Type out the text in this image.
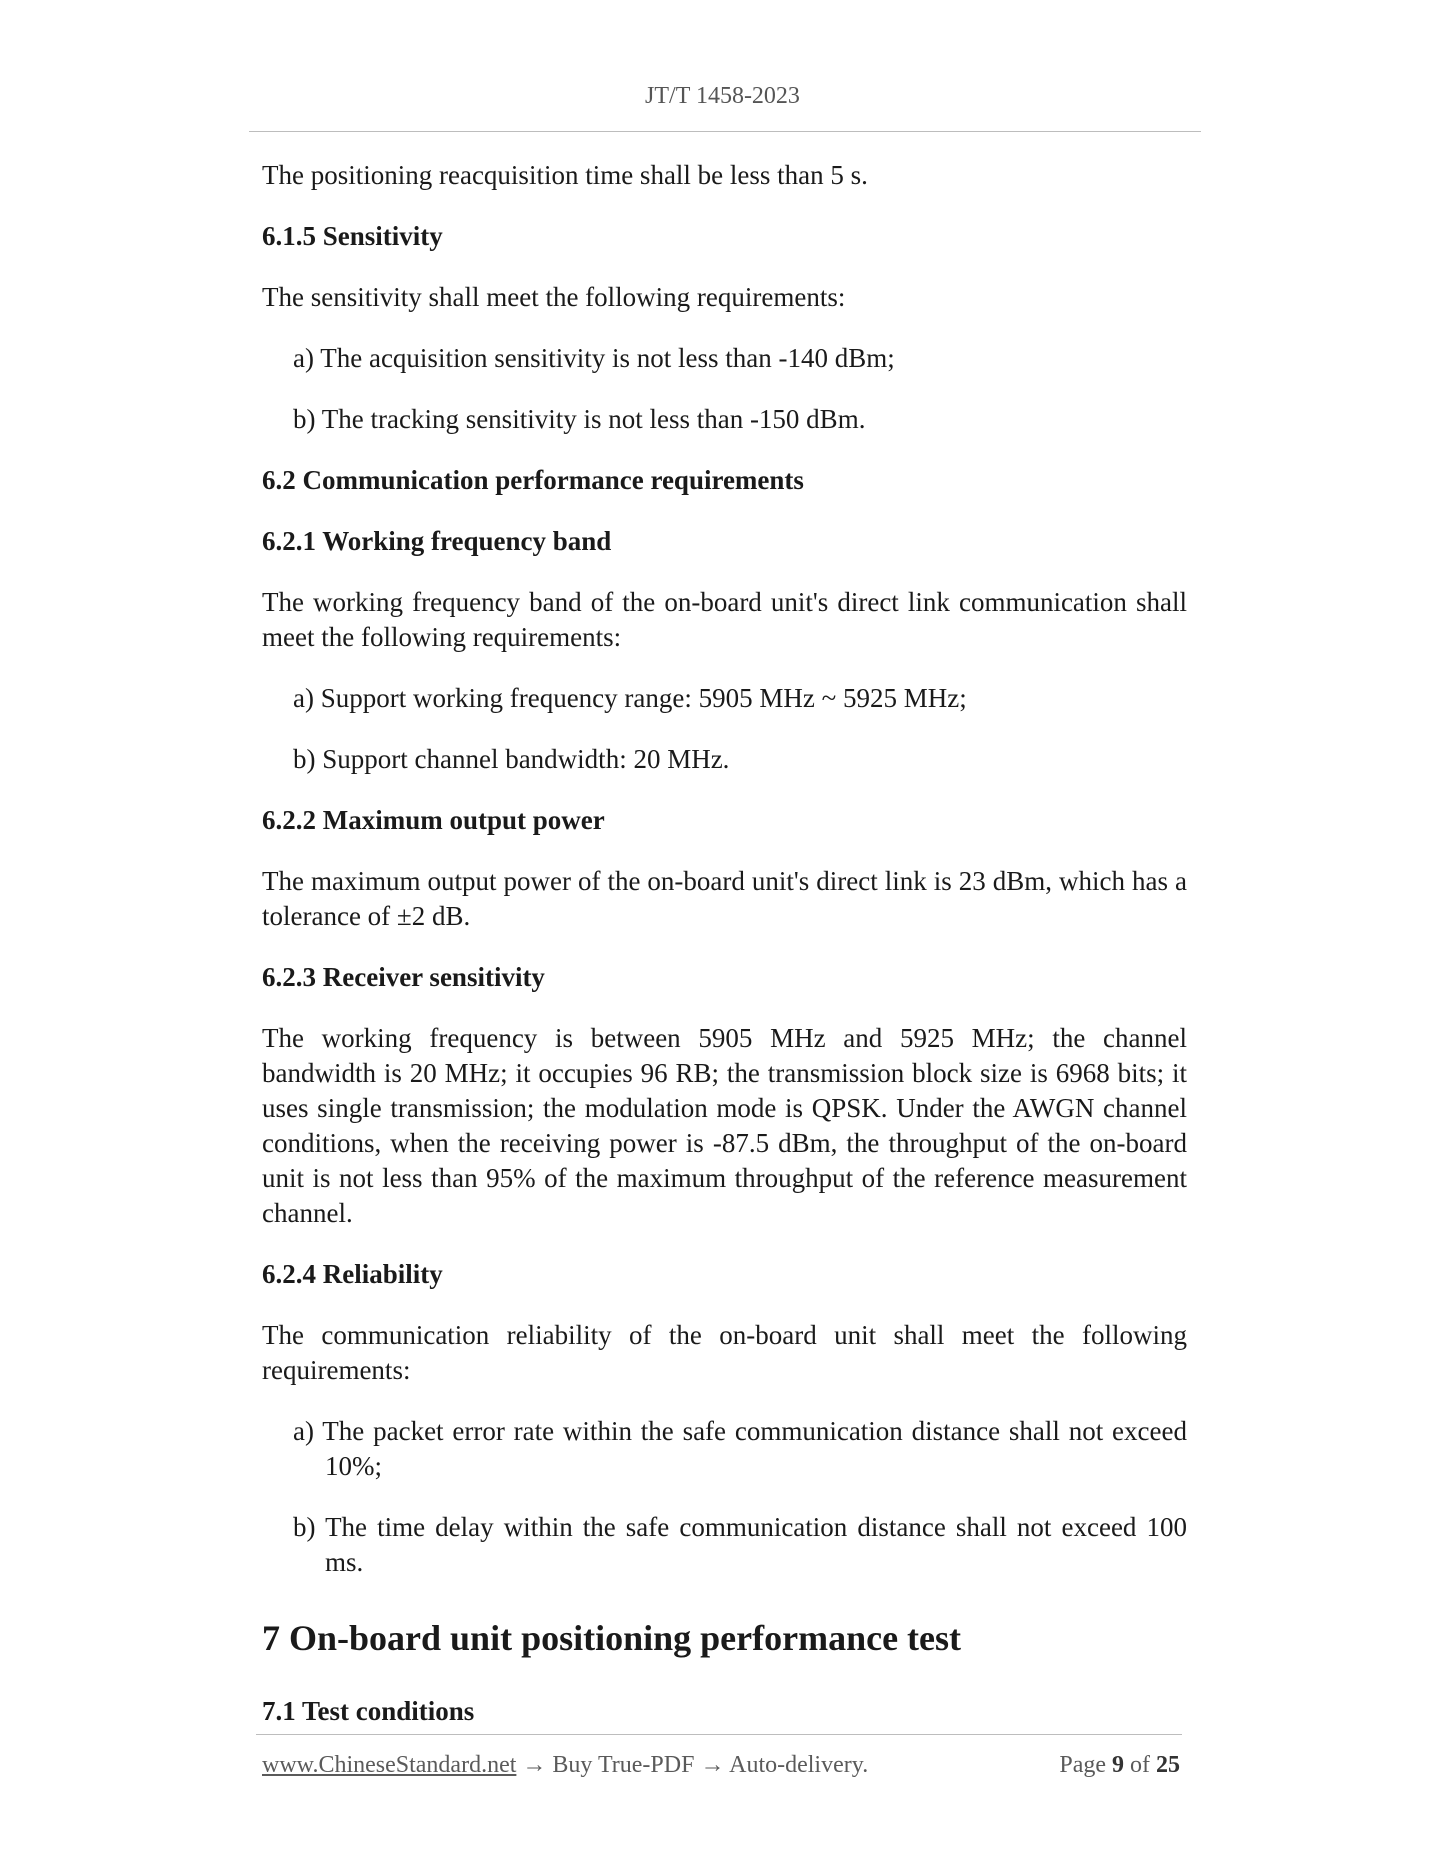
JT/T 1458-2023

The positioning reacquisition time shall be less than 5 s.

6.1.5 Sensitivity

The sensitivity shall meet the following requirements:

a) The acquisition sensitivity is not less than -140 dBm;

b) The tracking sensitivity is not less than -150 dBm.

6.2 Communication performance requirements

6.2.1 Working frequency band

The working frequency band of the on-board unit's direct link communication shall meet the following requirements:

a) Support working frequency range: 5905 MHz ~ 5925 MHz;

b) Support channel bandwidth: 20 MHz.

6.2.2 Maximum output power

The maximum output power of the on-board unit's direct link is 23 dBm, which has a tolerance of ±2 dB.

6.2.3 Receiver sensitivity

The working frequency is between 5905 MHz and 5925 MHz; the channel bandwidth is 20 MHz; it occupies 96 RB; the transmission block size is 6968 bits; it uses single transmission; the modulation mode is QPSK. Under the AWGN channel conditions, when the receiving power is -87.5 dBm, the throughput of the on-board unit is not less than 95% of the maximum throughput of the reference measurement channel.

6.2.4 Reliability

The communication reliability of the on-board unit shall meet the following requirements:

a) The packet error rate within the safe communication distance shall not exceed 10%;

b) The time delay within the safe communication distance shall not exceed 100 ms.

7 On-board unit positioning performance test

7.1 Test conditions

www.ChineseStandard.net → Buy True-PDF → Auto-delivery.	Page 9 of 25
